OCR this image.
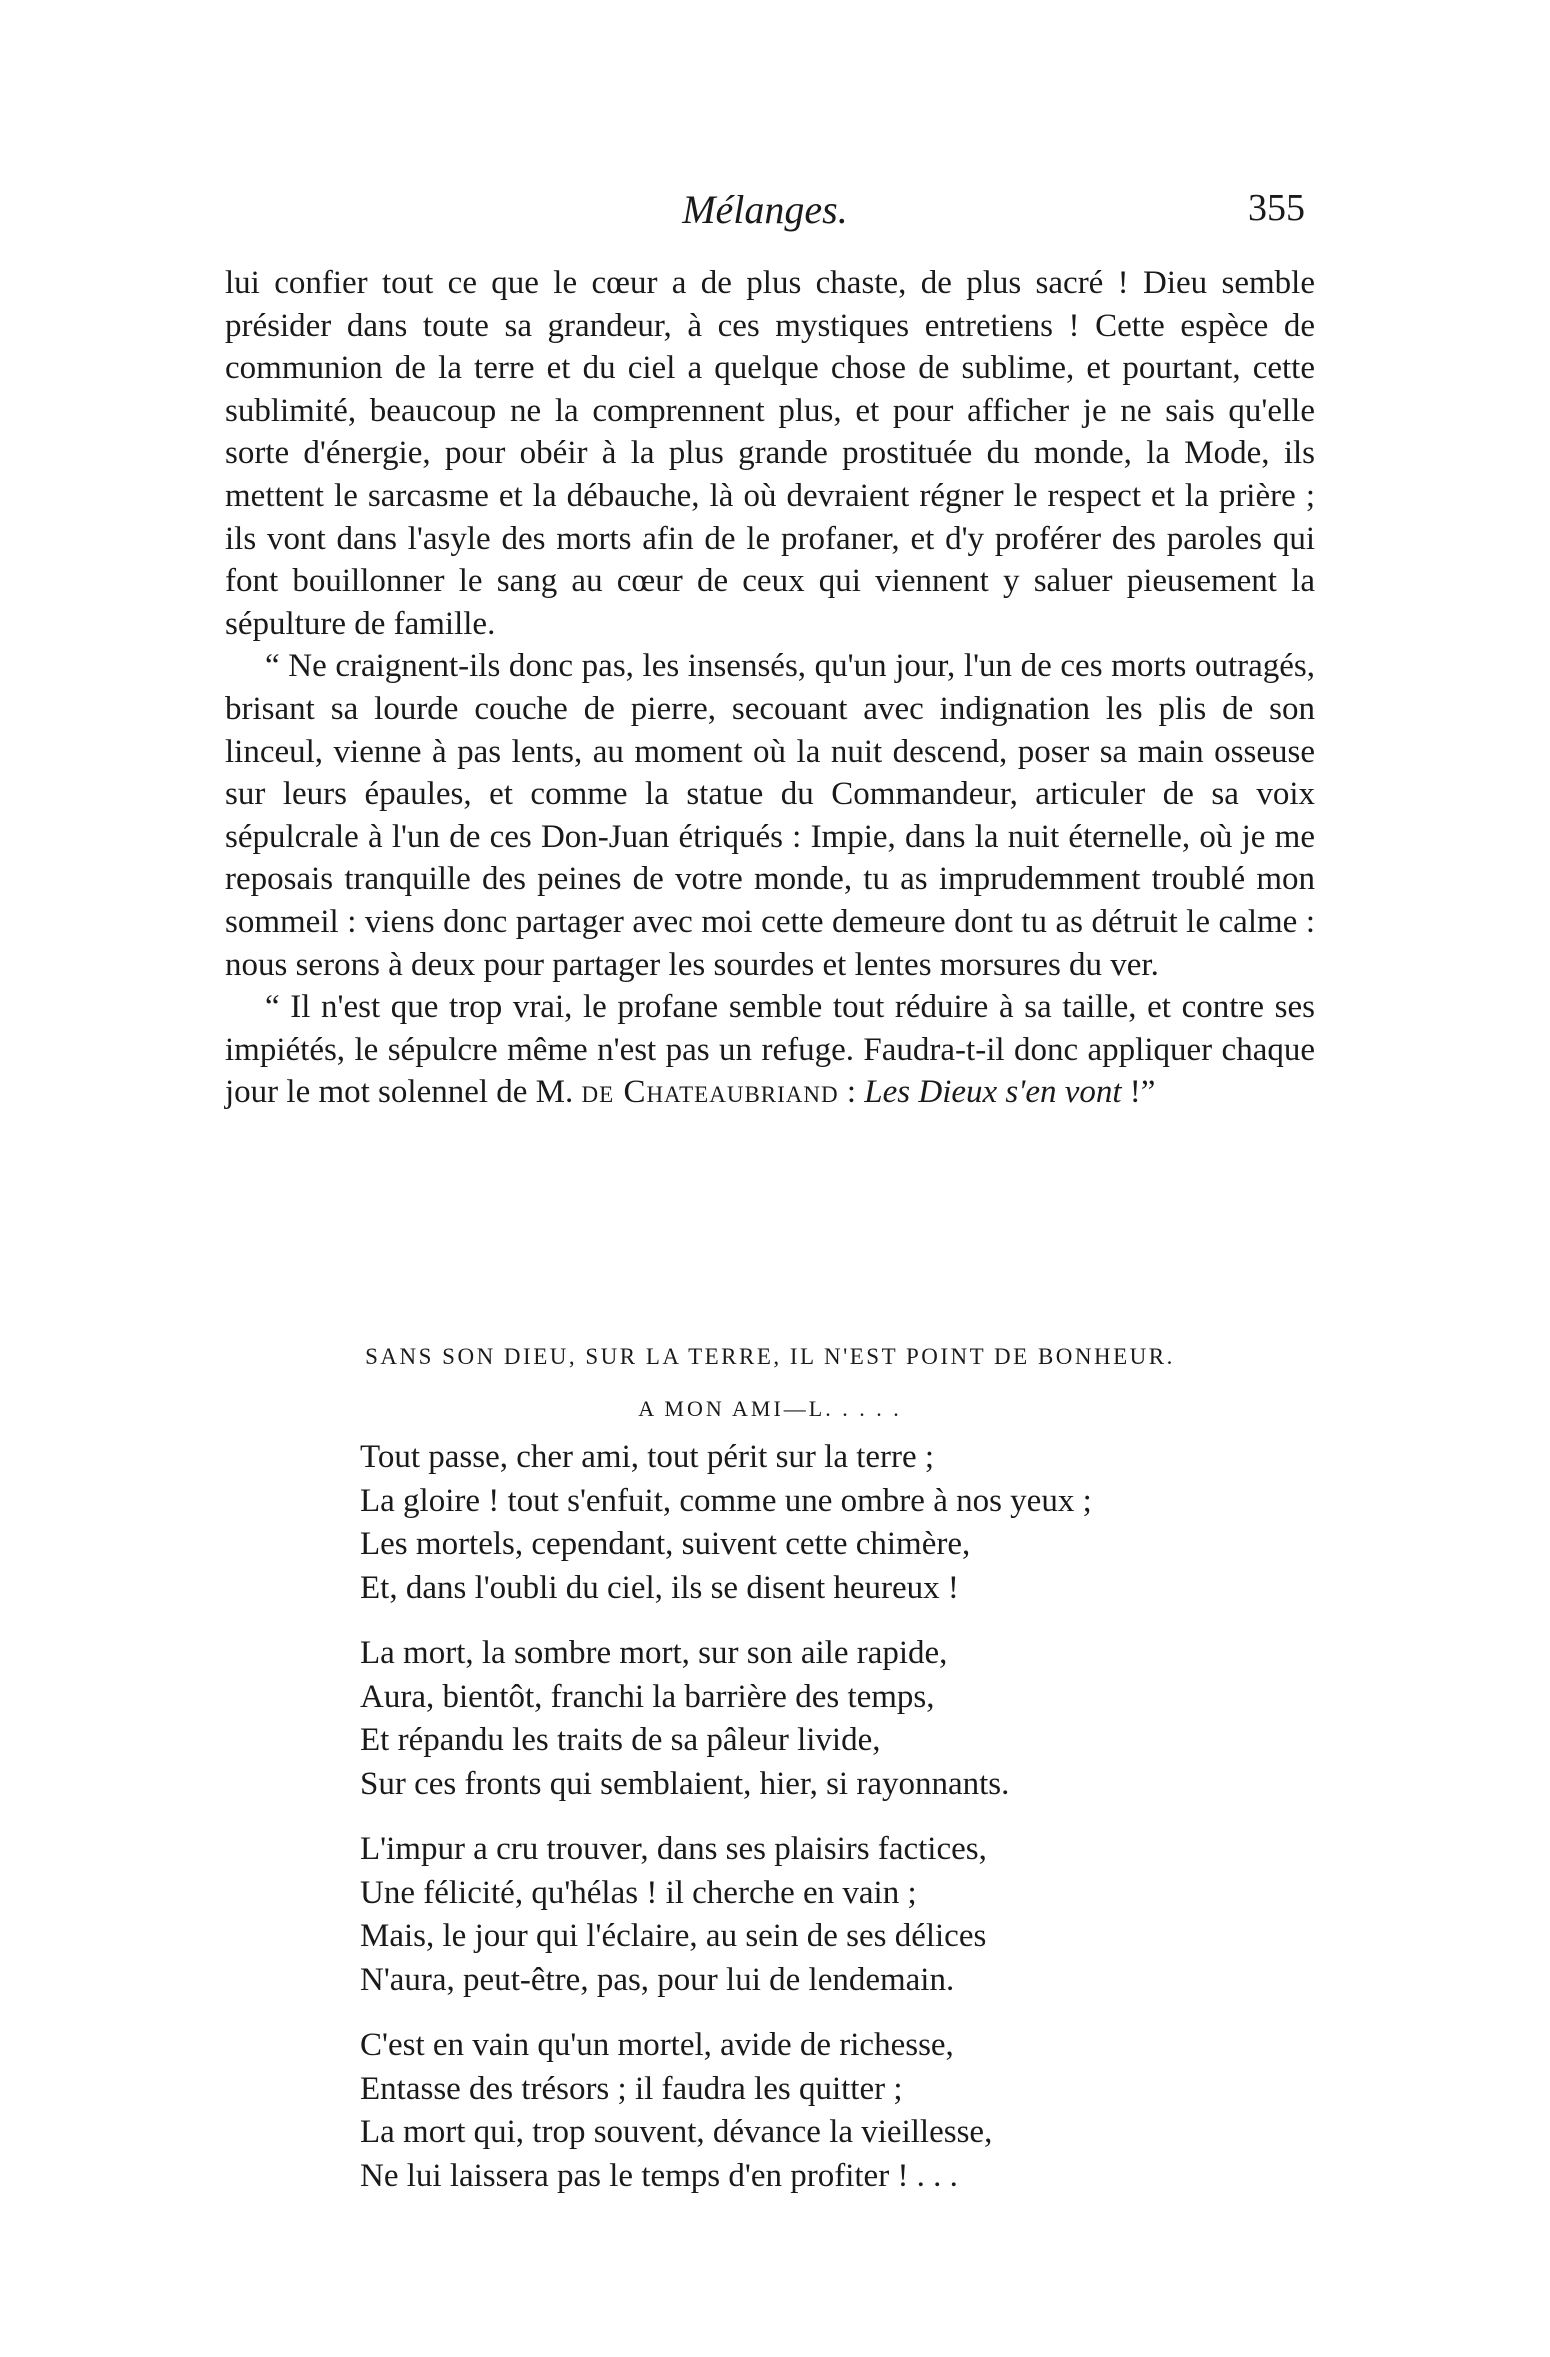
Mélanges.	355

lui confier tout ce que le cœur a de plus chaste, de plus sacré ! Dieu semble présider dans toute sa grandeur, à ces mystiques entretiens ! Cette espèce de communion de la terre et du ciel a quelque chose de sublime, et pourtant, cette sublimité, beaucoup ne la comprennent plus, et pour afficher je ne sais qu'elle sorte d'énergie, pour obéir à la plus grande prostituée du monde, la Mode, ils mettent le sarcasme et la débauche, là où devraient régner le respect et la prière ; ils vont dans l'asyle des morts afin de le profaner, et d'y proférer des paroles qui font bouillonner le sang au cœur de ceux qui viennent y saluer pieusement la sépulture de famille.

“ Ne craignent-ils donc pas, les insensés, qu'un jour, l'un de ces morts outragés, brisant sa lourde couche de pierre, secouant avec indignation les plis de son linceul, vienne à pas lents, au moment où la nuit descend, poser sa main osseuse sur leurs épaules, et comme la statue du Commandeur, articuler de sa voix sépulcrale à l'un de ces Don-Juan étriqués : Impie, dans la nuit éternelle, où je me reposais tranquille des peines de votre monde, tu as imprudemment troublé mon sommeil : viens donc partager avec moi cette demeure dont tu as détruit le calme : nous serons à deux pour partager les sourdes et lentes morsures du ver.

“ Il n'est que trop vrai, le profane semble tout réduire à sa taille, et contre ses impiétés, le sépulcre même n'est pas un refuge. Faudra-t-il donc appliquer chaque jour le mot solennel de M. de Chateaubriand : Les Dieux s'en vont !”

SANS SON DIEU, SUR LA TERRE, IL N'EST POINT DE BONHEUR.
A MON AMI—L. . . . .
Tout passe, cher ami, tout périt sur la terre ;
La gloire ! tout s'enfuit, comme une ombre à nos yeux ;
Les mortels, cependant, suivent cette chimère,
Et, dans l'oubli du ciel, ils se disent heureux !
La mort, la sombre mort, sur son aile rapide,
Aura, bientôt, franchi la barrière des temps,
Et répandu les traits de sa pâleur livide,
Sur ces fronts qui semblaient, hier, si rayonnants.
L'impur a cru trouver, dans ses plaisirs factices,
Une félicité, qu'hélas ! il cherche en vain ;
Mais, le jour qui l'éclaire, au sein de ses délices
N'aura, peut-être, pas, pour lui de lendemain.
C'est en vain qu'un mortel, avide de richesse,
Entasse des trésors ; il faudra les quitter ;
La mort qui, trop souvent, dévance la vieillesse,
Ne lui laissera pas le temps d'en profiter ! . . .
